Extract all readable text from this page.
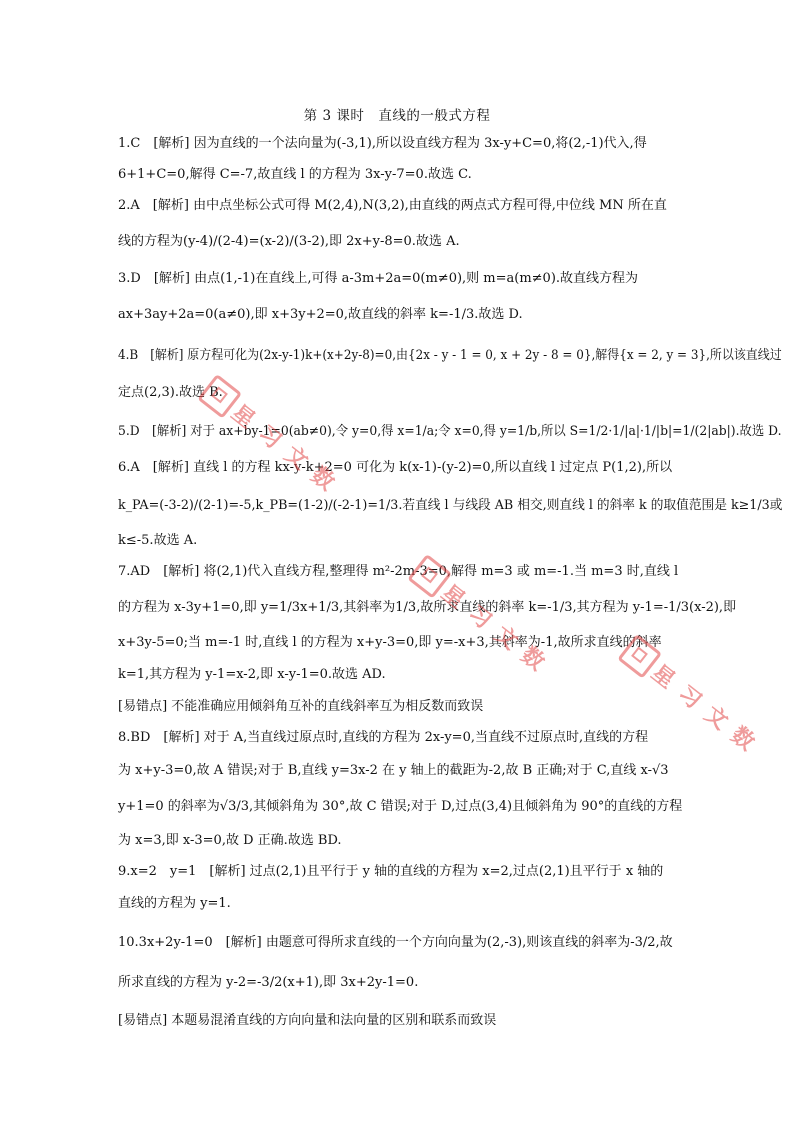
第 3 课时　直线的一般式方程
1.C　[解析] 因为直线的一个法向量为(-3,1),所以设直线方程为 3x-y+C=0,将(2,-1)代入,得
6+1+C=0,解得 C=-7,故直线 l 的方程为 3x-y-7=0.故选 C.
2.A　[解析] 由中点坐标公式可得 M(2,4),N(3,2),由直线的两点式方程可得,中位线 MN 所在直
线的方程为(y-4)/(2-4)=(x-2)/(3-2),即 2x+y-8=0.故选 A.
3.D　[解析] 由点(1,-1)在直线上,可得 a-3m+2a=0(m≠0),则 m=a(m≠0).故直线方程为
ax+3ay+2a=0(a≠0),即 x+3y+2=0,故直线的斜率 k=-1/3.故选 D.
4.B　[解析] 原方程可化为(2x-y-1)k+(x+2y-8)=0,由{2x - y - 1 = 0, x + 2y - 8 = 0},解得{x = 2, y = 3},所以该直线过
定点(2,3).故选 B.
5.D　[解析] 对于 ax+by-1=0(ab≠0),令 y=0,得 x=1/a;令 x=0,得 y=1/b,所以 S=1/2·1/|a|·1/|b|=1/(2|ab|).故选 D.
6.A　[解析] 直线 l 的方程 kx-y-k+2=0 可化为 k(x-1)-(y-2)=0,所以直线 l 过定点 P(1,2),所以
k_PA=(-3-2)/(2-1)=-5,k_PB=(1-2)/(-2-1)=1/3.若直线 l 与线段 AB 相交,则直线 l 的斜率 k 的取值范围是 k≥1/3或
k≤-5.故选 A.
7.AD　[解析] 将(2,1)代入直线方程,整理得 m²-2m-3=0,解得 m=3 或 m=-1.当 m=3 时,直线 l
的方程为 x-3y+1=0,即 y=1/3x+1/3,其斜率为1/3,故所求直线的斜率 k=-1/3,其方程为 y-1=-1/3(x-2),即
x+3y-5=0;当 m=-1 时,直线 l 的方程为 x+y-3=0,即 y=-x+3,其斜率为-1,故所求直线的斜率
k=1,其方程为 y-1=x-2,即 x-y-1=0.故选 AD.
[易错点] 不能准确应用倾斜角互补的直线斜率互为相反数而致误
8.BD　[解析] 对于 A,当直线过原点时,直线的方程为 2x-y=0,当直线不过原点时,直线的方程
为 x+y-3=0,故 A 错误;对于 B,直线 y=3x-2 在 y 轴上的截距为-2,故 B 正确;对于 C,直线 x-√3
y+1=0 的斜率为√3/3,其倾斜角为 30°,故 C 错误;对于 D,过点(3,4)且倾斜角为 90°的直线的方程
为 x=3,即 x-3=0,故 D 正确.故选 BD.
9.x=2　y=1　[解析] 过点(2,1)且平行于 y 轴的直线的方程为 x=2,过点(2,1)且平行于 x 轴的
直线的方程为 y=1.
10.3x+2y-1=0　[解析] 由题意可得所求直线的一个方向向量为(2,-3),则该直线的斜率为-3/2,故
所求直线的方程为 y-2=-3/2(x+1),即 3x+2y-1=0.
[易错点] 本题易混淆直线的方向向量和法向量的区别和联系而致误
星 习 文 数
星 习 文 数
星 习 文 数
